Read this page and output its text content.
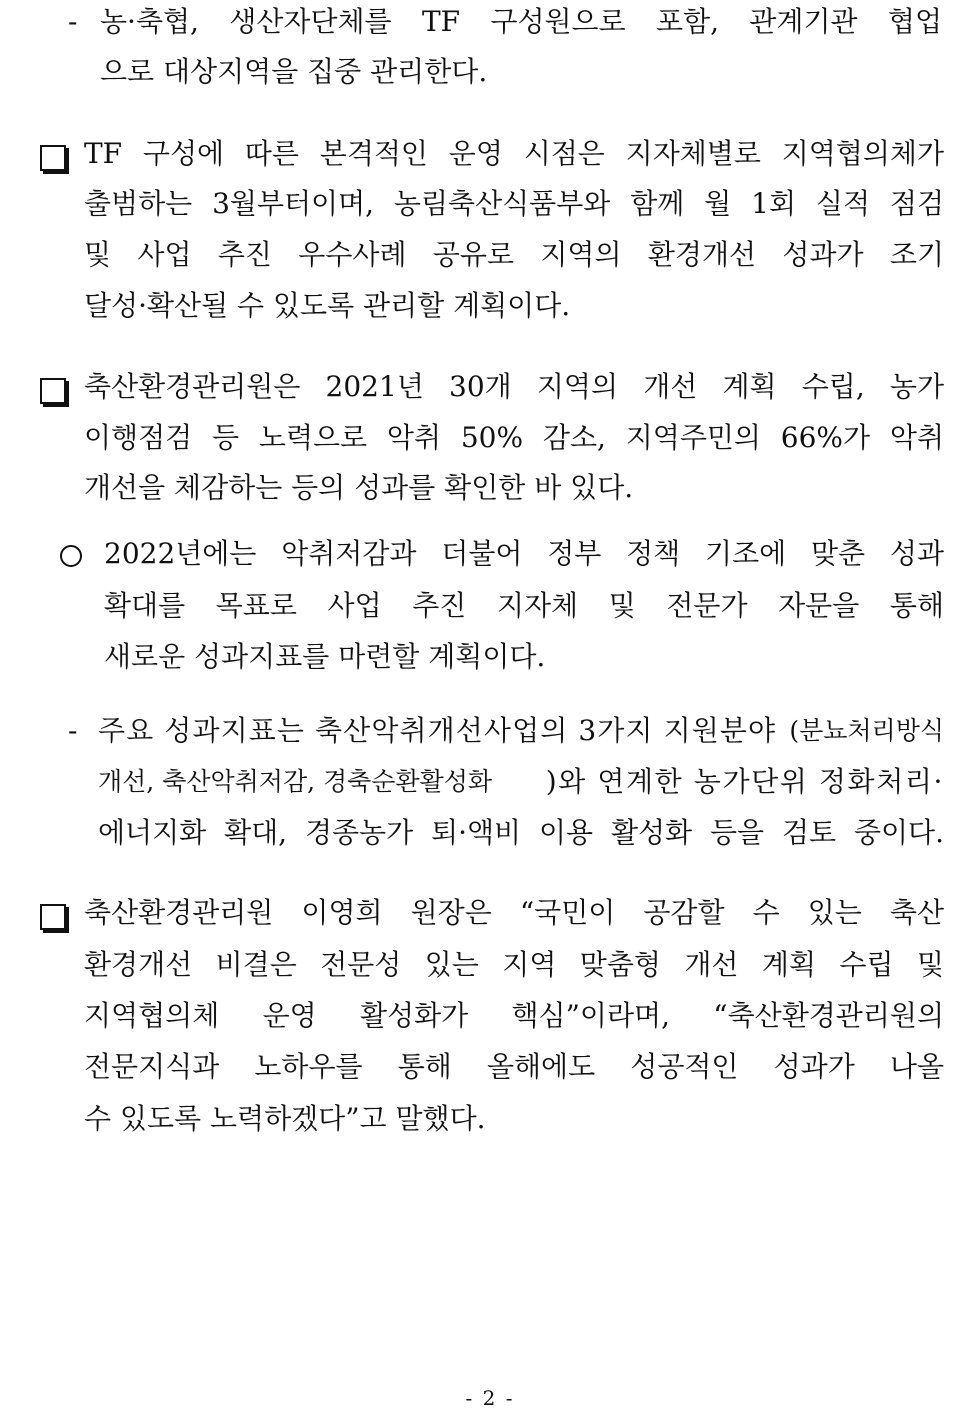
- 농·축협, 생산자단체를 TF 구성원으로 포함, 관계기관 협업
으로 대상지역을 집중 관리한다.
TF 구성에 따른 본격적인 운영 시점은 지자체별로 지역협의체가
출범하는 3월부터이며, 농림축산식품부와 함께 월 1회 실적 점검
및 사업 추진 우수사례 공유로 지역의 환경개선 성과가 조기
달성·확산될 수 있도록 관리할 계획이다.
축산환경관리원은 2021년 30개 지역의 개선 계획 수립, 농가
이행점검 등 노력으로 악취 50% 감소, 지역주민의 66%가 악취
개선을 체감하는 등의 성과를 확인한 바 있다.
2022년에는 악취저감과 더불어 정부 정책 기조에 맞춘 성과
확대를 목표로 사업 추진 지자체 및 전문가 자문을 통해
새로운 성과지표를 마련할 계획이다.
- 주요 성과지표는 축산악취개선사업의 3가지 지원분야 (분뇨처리방식
개선, 축산악취저감, 경축순환활성화 )와 연계한 농가단위 정화처리·
에너지화 확대, 경종농가 퇴·액비 이용 활성화 등을 검토 중이다.
축산환경관리원 이영희 원장은 “국민이 공감할 수 있는 축산
환경개선 비결은 전문성 있는 지역 맞춤형 개선 계획 수립 및
지역협의체 운영 활성화가 핵심”이라며, “축산환경관리원의
전문지식과 노하우를 통해 올해에도 성공적인 성과가 나올
수 있도록 노력하겠다”고 말했다.
- 2 -
